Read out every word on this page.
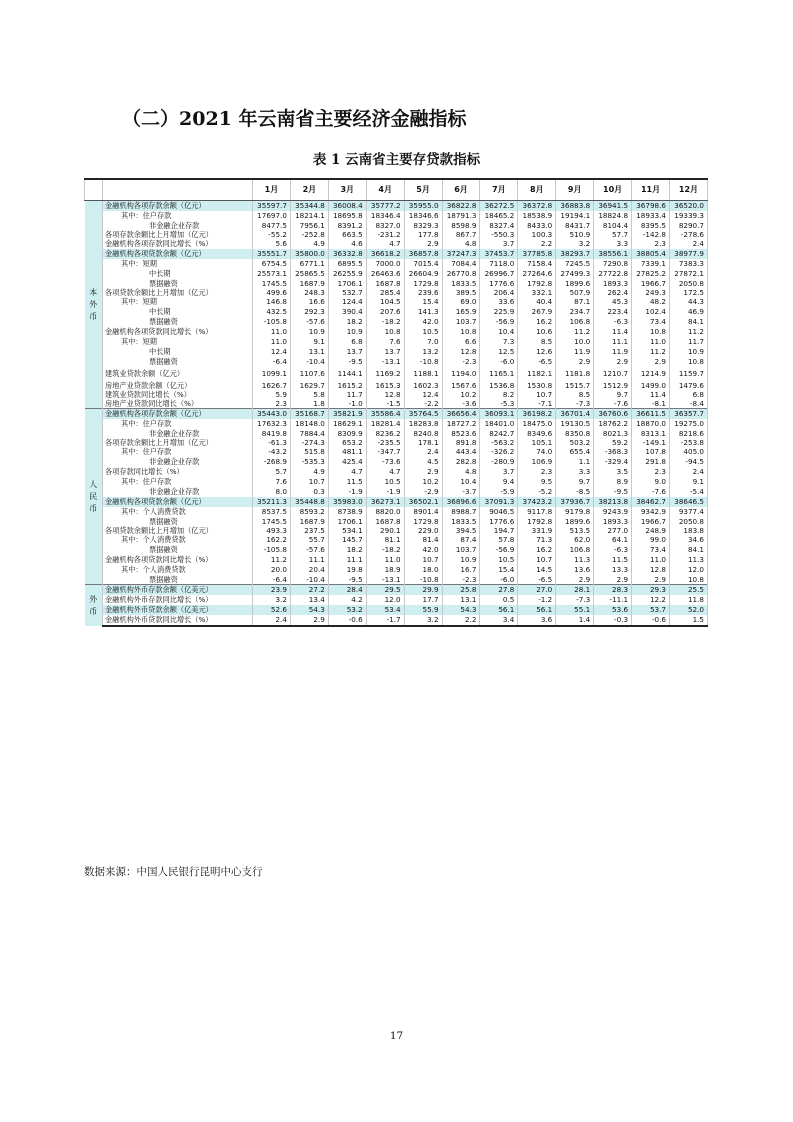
（二）2021 年云南省主要经济金融指标

表 1 云南省主要存贷款指标

		1月	2月	3月	4月	5月	6月	7月	8月	9月	10月	11月	12月
本
外
币	金融机构各项存款余额（亿元）	35597.7	35344.8	36008.4	35777.2	35955.0	36822.8	36272.5	36372.8	36883.8	36941.5	36798.6	36520.0
	其中：住户存款	17697.0	18214.1	18695.8	18346.4	18346.6	18791.3	18465.2	18538.9	19194.1	18824.8	18933.4	19339.3
	非金融企业存款	8477.5	7956.1	8391.2	8327.0	8329.3	8598.9	8327.4	8433.0	8431.7	8104.4	8395.5	8290.7
	各项存款余额比上月增加（亿元）	-55.2	-252.8	663.5	-231.2	177.8	867.7	-550.3	100.3	510.9	57.7	-142.8	-278.6
	金融机构各项存款同比增长（%）	5.6	4.9	4.6	4.7	2.9	4.8	3.7	2.2	3.2	3.3	2.3	2.4
	金融机构各项贷款余额（亿元）	35551.7	35800.0	36332.8	36618.2	36857.8	37247.3	37453.7	37785.8	38293.7	38556.1	38805.4	38977.9
	其中：短期	6754.5	6771.1	6895.5	7000.0	7015.4	7084.4	7118.0	7158.4	7245.5	7290.8	7339.1	7383.3
	中长期	25573.1	25865.5	26255.9	26463.6	26604.9	26770.8	26996.7	27264.6	27499.3	27722.8	27825.2	27872.1
	票据融资	1745.5	1687.9	1706.1	1687.8	1729.8	1833.5	1776.6	1792.8	1899.6	1893.3	1966.7	2050.8
	各项贷款余额比上月增加（亿元）	499.6	248.3	532.7	285.4	239.6	389.5	206.4	332.1	507.9	262.4	249.3	172.5
	其中：短期	146.8	16.6	124.4	104.5	15.4	69.0	33.6	40.4	87.1	45.3	48.2	44.3
	中长期	432.5	292.3	390.4	207.6	141.3	165.9	225.9	267.9	234.7	223.4	102.4	46.9
	票据融资	-105.8	-57.6	18.2	-18.2	42.0	103.7	-56.9	16.2	106.8	-6.3	73.4	84.1
	金融机构各项贷款同比增长（%）	11.0	10.9	10.9	10.8	10.5	10.8	10.4	10.6	11.2	11.4	10.8	11.2
	其中：短期	11.0	9.1	6.8	7.6	7.0	6.6	7.3	8.5	10.0	11.1	11.0	11.7
	中长期	12.4	13.1	13.7	13.7	13.2	12.8	12.5	12.6	11.9	11.9	11.2	10.9
	票据融资	-6.4	-10.4	-9.5	-13.1	-10.8	-2.3	-6.0	-6.5	2.9	2.9	2.9	10.8
	建筑业贷款余额（亿元）	1099.1	1107.6	1144.1	1169.2	1188.1	1194.0	1165.1	1182.1	1181.8	1210.7	1214.9	1159.7
	房地产业贷款余额（亿元）	1626.7	1629.7	1615.2	1615.3	1602.3	1567.6	1536.8	1530.8	1515.7	1512.9	1499.0	1479.6
	建筑业贷款同比增长（%）	5.9	5.8	11.7	12.8	12.4	10.2	8.2	10.7	8.5	9.7	11.4	6.8
	房地产业贷款同比增长（%）	2.3	1.8	-1.0	-1.5	-2.2	-3.6	-5.3	-7.1	-7.3	-7.6	-8.1	-8.4
人
民
币	金融机构各项存款余额（亿元）	35443.0	35168.7	35821.9	35586.4	35764.5	36656.4	36093.1	36198.2	36701.4	36760.6	36611.5	36357.7
	其中：住户存款	17632.3	18148.0	18629.1	18281.4	18283.8	18727.2	18401.0	18475.0	19130.5	18762.2	18870.0	19275.0
	非金融企业存款	8419.8	7884.4	8309.9	8236.2	8240.8	8523.6	8242.7	8349.6	8350.8	8021.3	8313.1	8218.6
	各项存款余额比上月增加（亿元）	-61.3	-274.3	653.2	-235.5	178.1	891.8	-563.2	105.1	503.2	59.2	-149.1	-253.8
	其中：住户存款	-43.2	515.8	481.1	-347.7	2.4	443.4	-326.2	74.0	655.4	-368.3	107.8	405.0
	非金融企业存款	-268.9	-535.3	425.4	-73.6	4.5	282.8	-280.9	106.9	1.1	-329.4	291.8	-94.5
	各项存款同比增长（%）	5.7	4.9	4.7	4.7	2.9	4.8	3.7	2.3	3.3	3.5	2.3	2.4
	其中：住户存款	7.6	10.7	11.5	10.5	10.2	10.4	9.4	9.5	9.7	8.9	9.0	9.1
	非金融企业存款	8.0	0.3	-1.9	-1.9	-2.9	-3.7	-5.9	-5.2	-8.5	-9.5	-7.6	-5.4
	金融机构各项贷款余额（亿元）	35211.3	35448.8	35983.0	36273.1	36502.1	36896.6	37091.3	37423.2	37936.7	38213.8	38462.7	38646.5
	其中：个人消费贷款	8537.5	8593.2	8738.9	8820.0	8901.4	8988.7	9046.5	9117.8	9179.8	9243.9	9342.9	9377.4
	票据融资	1745.5	1687.9	1706.1	1687.8	1729.8	1833.5	1776.6	1792.8	1899.6	1893.3	1966.7	2050.8
	各项贷款余额比上月增加（亿元）	493.3	237.5	534.1	290.1	229.0	394.5	194.7	331.9	513.5	277.0	248.9	183.8
	其中：个人消费贷款	162.2	55.7	145.7	81.1	81.4	87.4	57.8	71.3	62.0	64.1	99.0	34.6
	票据融资	-105.8	-57.6	18.2	-18.2	42.0	103.7	-56.9	16.2	106.8	-6.3	73.4	84.1
	金融机构各项贷款同比增长（%）	11.2	11.1	11.1	11.0	10.7	10.9	10.5	10.7	11.3	11.5	11.0	11.3
	其中：个人消费贷款	20.0	20.4	19.8	18.9	18.0	16.7	15.4	14.5	13.6	13.3	12.8	12.0
	票据融资	-6.4	-10.4	-9.5	-13.1	-10.8	-2.3	-6.0	-6.5	2.9	2.9	2.9	10.8
外
币	金融机构外币存款余额（亿美元）	23.9	27.2	28.4	29.5	29.9	25.8	27.8	27.0	28.1	28.3	29.3	25.5
	金融机构外币存款同比增长（%）	3.2	13.4	4.2	12.0	17.7	13.1	0.5	-1.2	-7.3	-11.1	12.2	11.8
	金融机构外币贷款余额（亿美元）	52.6	54.3	53.2	53.4	55.9	54.3	56.1	56.1	55.1	53.6	53.7	52.0
	金融机构外币贷款同比增长（%）	2.4	2.9	-0.6	-1.7	3.2	2.2	3.4	3.6	1.4	-0.3	-0.6	1.5

数据来源：中国人民银行昆明中心支行

17
